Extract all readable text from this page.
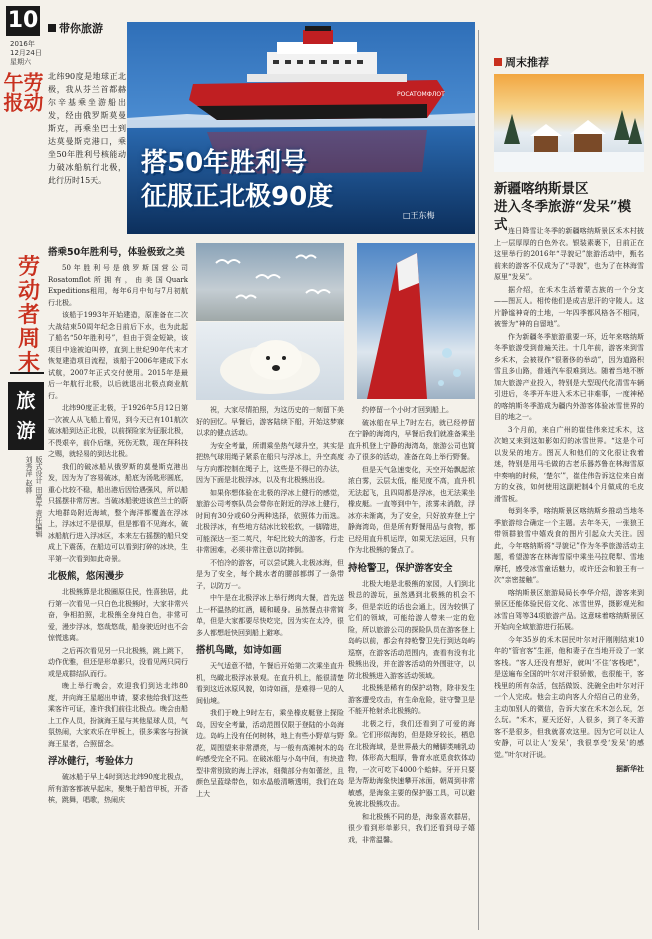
10
2016年
12月24日
星期六
劳动午报
带你旅游
劳动者周末
旅游
版式设计 田富军 责任编辑 刘秀萍 赵骅
POCATOMФЛОТ
搭50年胜利号
征服正北极90度
□王东梅
北纬90度是地球正北极，我从芬兰首都赫尔辛基乘坐游船出发，经由俄罗斯莫曼斯克，再乘坐巴士到达莫曼斯克港口，乘坐50年胜利号核能动力破冰船航行北极，此行历时15天。
搭乘50年胜利号，体验极致之美

50年胜利号是俄罗斯国营公司Rosatomflot所拥有，由美国Quark Expeditions租用，每年6月中旬与7月初航行北极。

该船于1993年开始建造，原准备在二次大战结束50周年纪念日前后下水，也为此起了船名“50年胜利号”，但由于资金短缺，该项目中途被迫叫停，直到上世纪90年代末才恢复建造项目流程，该船于2006年建成下水试航，2007年正式交付使用。2015年是最后一年航行北极，以后就退出北极点商业航行。

北纬90度正北极，于1926年5月12日第一次被人从飞船上看见，到今天已有101航次破冰船到达正北极，以前探险家为征服北极，不畏艰辛，前仆后继，死伤无数，现在拜科技之赐，就轻易的到达北极。

我们的破冰船从俄罗斯的莫曼斯克港出发，因为为了容易破冰，船底为汤匙形圆底，重心比较不稳，船出港后因恰遇强风，所以船只摇摆非常厉害。当破冰船驶进该芭兰士的蔚大地群岛附近海域，整个海洋都覆盖在浮冰上，浮冰过不是很厚，但是都看不见海水，破冰船航行进入浮冰区，本来左右摇摆的船只变成上下震荡，在船边可以看到打碎的冰块，生平第一次看到如此奇景。

北极熊，悠闲漫步

北极熊算是北极圈原住民，性喜独居，此行第一次看见一只白色北极熊时，大家非常兴奋，争相拍照，北极熊全身纯白色，非常可爱，漫步浮冰，悠哉悠哉，船身驶近时也不会惊慌逃离。

之后再次看见另一只北极熊，跳上跳下，动作优雅，但还是形单影只，没看见两只同行或是成群结队而行。

晚上举行晚会，欢迎我们到达北纬80度，并向海王星超出申请，要求他给我们这些乘客许可证，准许我们前往北极点。晚会由船上工作人员，扮演海王星与其他星球人员，气氛热闹，大家欢乐在甲板上，很多乘客与扮演海王星者，合照留念。

浮冰健行，考验体力

破冰船于早上4时到达北纬90度北极点，所有游客都被早起床，聚集于船首甲板，开香槟，跳舞，唱歌，热闹庆

祝，大家尽情拍照，为这历史的一刻留下美好的回忆。早餐后，游客陆续下船，开始这梦寐以求的健点活动。

为安全考量，所谓乘坐热气球升空，其实是把热气球用绳子紧系在船只与浮冰上，升空高度与方向都控制在绳子上，这些是不得已的办法，因为下面是北极浮冰，以及有北极熊出没。

如果你想体验在北极的浮冰上健行的感觉，旅游公司考察队员会带你在附近的浮冰上健行，时间有30分或60分两种选择，依照体力而选。北极浮冰，有些地方结冰比较松软，一脚踏进，可能深达一至二英尺，年纪比较大的游客，行走非常困难，必须非常注意以防摔倒。

不怕冷的游客，可以尝试跳入北极冰海，但是为了安全，每个跳水者的腰部都绑了一条带子，以防万一。

中午是在北极浮冰上举行烤肉大餐，首先送上一杯温热的红酒，暖和暖身。虽然餐点非常简单，但是大家都要尽快吃完，因为实在太冷，很多人都想赶快回到船上避寒。

搭机鸟瞰，如诗如画

天气适意不错，午餐后开始第二次乘坐直升机，鸟瞰北极浮冰景观。在直升机上，能很清楚看到这近冰原风貌，如诗如画，是难得一见的人间仙境。

我们于晚上9时左右，乘坐橡皮艇登上探险岛，因安全考量，活动范围仅限于登陆的小岛海边。岛屿上没有任何树林，地上有些小野草与野花，周围望来非常漂亮，与一般有高滩树木的岛屿感受完全不同。在破冰船与小岛中间，有块造型非常别致的海上浮冰，细微部分有如蕾丝，且颜色呈蓝绿带色，如水晶般清晰透明，我们在岛上大

约停留一个小时才回到船上。

破冰船在早上7时左右，就已经停留在宁静的海湾内，早餐后我们就准备乘坐直升机登上宁静的海湾岛，旅游公司也简办了很多的活动，准备在岛上举行野餐。

但是天气急速变化，天空开始飘起浓浓白雾，云层太低，能见度不高，直升机无法起飞，且四周都是浮冰，也无法乘坐橡皮艇。一直等到中午，浓雾未消散，浮冰亦未渐离，为了安全，只好放弃登上宁静海湾岛，但是所有野餐用品与食物，都已经用直升机运岸，如果无法运回，只有作为北极熊的餐点了。

持枪警卫，保护游客安全

北极大地是北极熊的家园，人们到北极总的游玩，虽然遇到北极熊的机会不多，但是亲近的话也会通上，因为较惧了它们的领域，可能给游人带来一定的危险，所以旅游公司的探险队员在游客登上岛屿以前，都会有持枪警卫先行到达岛屿巡察，在游客活动范围内，查看有没有北极熊出没，并在游客活动的外围驻守，以防北极熊进入游客活动领域。

北极熊是稀有的保护动物，除非发生游客遭受攻击，有生命危险，驻守警卫是不能开枪射杀北极熊的。

北极之行，我们还看到了可爱的海象。它们形似海豹，但是除牙较长，栖息在北极海域，是世界最大的鳍脚类哺乳动物，体形高大粗厚，鲁育水底觅食软体动物，一次可吃下4000个蛤蚌。牙开只要是为帮助海象快速攀开冰面，朝周到非常敏感，是海象主要的保护器工具，可以避免被北极熊攻击。

和北极熊不同的是，海象喜欢群居，很少看到形单影只，我们还看到母子嬉戏，非常温馨。

周末推荐
新疆喀纳斯景区
进入冬季旅游“发呆”模式 连日降雪让冬季的新疆喀纳斯景区禾木村披上一层厚厚的白色外衣。银装素裹下，日前正在这里举行的2016年“寻貌记”旅游活动中，甄名前来的游客不仅成为了“寻貌”，也为了在林海雪原里“发呆”。

据介绍，在禾木生活着蒙古族的一个分支——图瓦人。相传他们是成吉思汗的守陵人。这片静谧神奇的土地，一年四季都风格各不相同，被誉为“神的自留地”。

作为新疆冬季旅游重要一环，近年来喀纳斯冬季旅游受到普遍关注。十几年前，游客来到雪乡禾木，会被视作“很奢侈的举动”，因为道路积雪且多山路，普通汽车很难到达。随着当地不断加大旅游产业投入，特别是大型现代化清雪车辆引进后，冬季开车进入禾木已非难事，一度神秘的喀纳斯冬季游成为疆内外游客体验冰雪世界的目的地之一。

3个月前，来自广州的崔佳伟来过禾木，这次她又来到这如影如幻的冰雪世界。“这是个可以发呆的地方。图瓦人和他们的文化很让我着迷，特别是用马毛做的古老乐器苏鲁在林海雪原中奏响的时候，‘楚尔’”，崔佳伟告诉这位来自南方的女孩，如何使用这副耙制4个月做成的毛皮滑雪板。

每到冬季，喀纳斯景区喀纳斯乡推动当地冬季旅游综合确定一个主题。去年冬天，一张狼王带领群狼雪中嬉戏食的图片引起众大关注。因此，今年喀纳斯将“寻貌记”作为冬季旅游活动主题，希望游客在林海雪原中乘坐马拉爬犁、雪地摩托，感受冰雪童话魅力，或许还会和狼王有一次“亲密接触”。

喀纳斯景区旅游局局长李华介绍，游客来到景区还能体验民俗文化、冰雪世界，摄影观光和冰雪自驾等34项旅游产品。这意味着喀纳斯景区开始向全域旅游进行拓展。

今年35岁的禾木居民叶尔对汗刚刚结束10年的“管官客”生涯，他和妻子在当地开设了一家客栈。“客人还没有想好，就叫‘不住’客栈吧”，是送遍布全国的叶尔对汗很骄傲，也很能干，客栈里的所有杂活，包括做饭、洗碗全由叶尔对汗一个人完成。他会主动向客人介绍自己的业务，主动加别人的微信，告诉大家在禾木怎么玩，怎么玩。“禾木，夏天还好，人很多，到了冬天游客不是很多，但我就喜欢这里。因为它可以让人安静，可以让人‘发呆’，我很享受‘发呆’的感觉。”叶尔对汗说。

据新华社
